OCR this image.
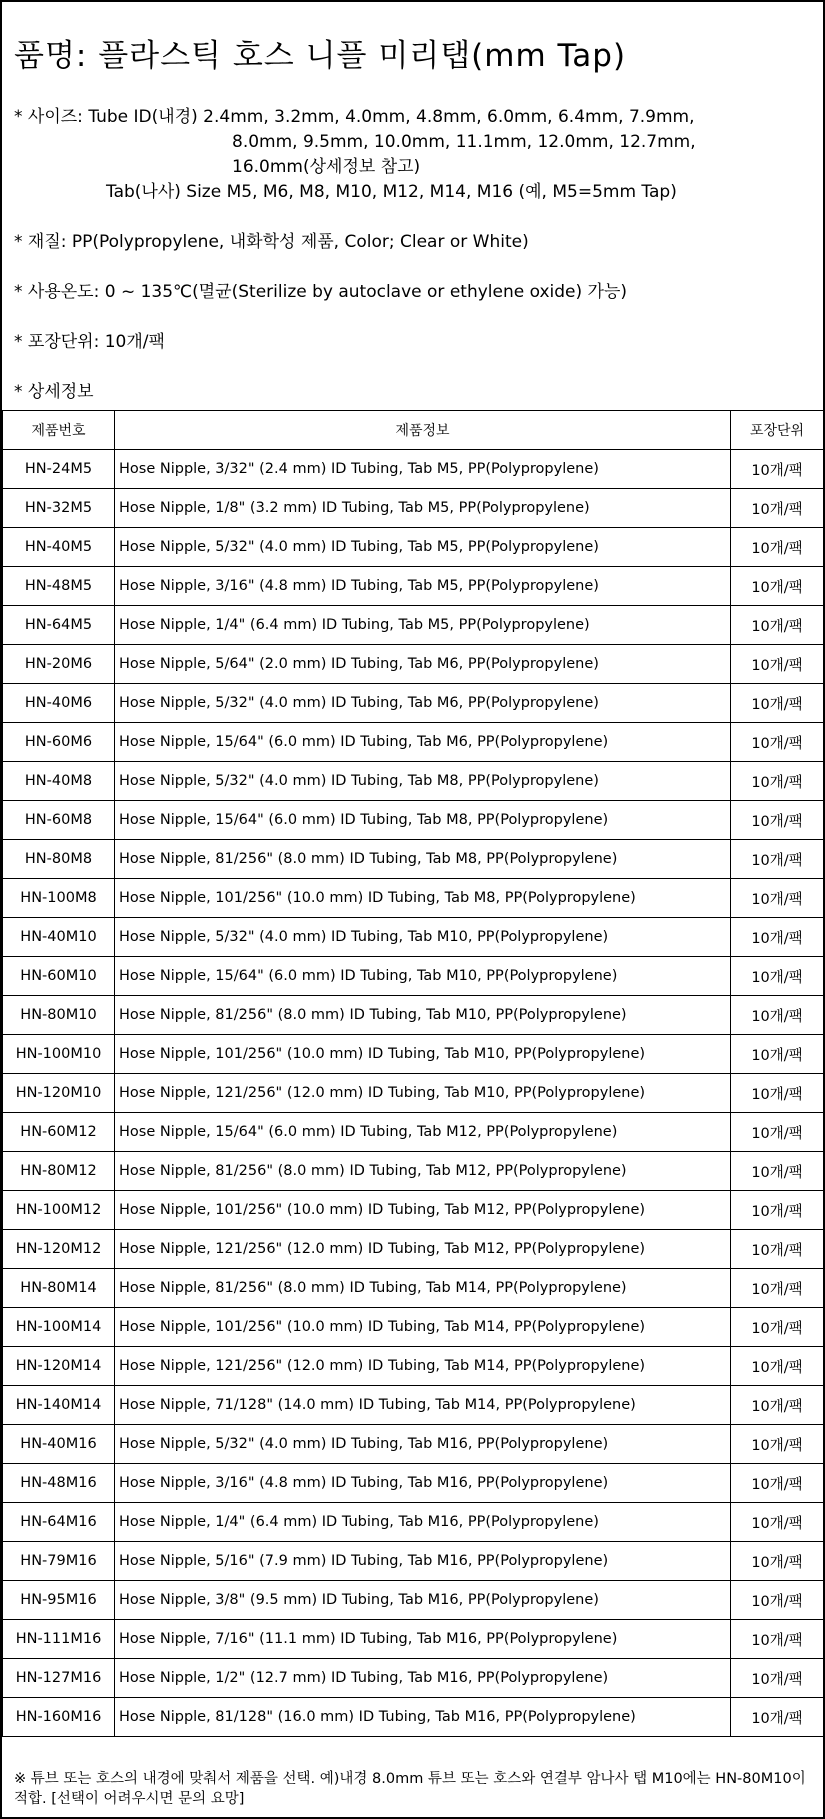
품명: 플라스틱 호스 니플 미리탭(mm Tap)
* 사이즈: Tube ID(내경) 2.4mm, 3.2mm, 4.0mm, 4.8mm, 6.0mm, 6.4mm, 7.9mm,
8.0mm, 9.5mm, 10.0mm, 11.1mm, 12.0mm, 12.7mm,
16.0mm(상세정보 참고)
Tab(나사) Size M5, M6, M8, M10, M12, M14, M16 (예, M5=5mm Tap)
* 재질: PP(Polypropylene, 내화학성 제품, Color; Clear or White)
* 사용온도: 0 ~ 135℃(멸균(Sterilize by autoclave or ethylene oxide) 가능)
* 포장단위: 10개/팩
* 상세정보
제품번호	제품정보	포장단위
HN-24M5	Hose Nipple, 3/32" (2.4 mm) ID Tubing, Tab M5, PP(Polypropylene)	10개/팩
HN-32M5	Hose Nipple, 1/8" (3.2 mm) ID Tubing, Tab M5, PP(Polypropylene)	10개/팩
HN-40M5	Hose Nipple, 5/32" (4.0 mm) ID Tubing, Tab M5, PP(Polypropylene)	10개/팩
HN-48M5	Hose Nipple, 3/16" (4.8 mm) ID Tubing, Tab M5, PP(Polypropylene)	10개/팩
HN-64M5	Hose Nipple, 1/4" (6.4 mm) ID Tubing, Tab M5, PP(Polypropylene)	10개/팩
HN-20M6	Hose Nipple, 5/64" (2.0 mm) ID Tubing, Tab M6, PP(Polypropylene)	10개/팩
HN-40M6	Hose Nipple, 5/32" (4.0 mm) ID Tubing, Tab M6, PP(Polypropylene)	10개/팩
HN-60M6	Hose Nipple, 15/64" (6.0 mm) ID Tubing, Tab M6, PP(Polypropylene)	10개/팩
HN-40M8	Hose Nipple, 5/32" (4.0 mm) ID Tubing, Tab M8, PP(Polypropylene)	10개/팩
HN-60M8	Hose Nipple, 15/64" (6.0 mm) ID Tubing, Tab M8, PP(Polypropylene)	10개/팩
HN-80M8	Hose Nipple, 81/256" (8.0 mm) ID Tubing, Tab M8, PP(Polypropylene)	10개/팩
HN-100M8	Hose Nipple, 101/256" (10.0 mm) ID Tubing, Tab M8, PP(Polypropylene)	10개/팩
HN-40M10	Hose Nipple, 5/32" (4.0 mm) ID Tubing, Tab M10, PP(Polypropylene)	10개/팩
HN-60M10	Hose Nipple, 15/64" (6.0 mm) ID Tubing, Tab M10, PP(Polypropylene)	10개/팩
HN-80M10	Hose Nipple, 81/256" (8.0 mm) ID Tubing, Tab M10, PP(Polypropylene)	10개/팩
HN-100M10	Hose Nipple, 101/256" (10.0 mm) ID Tubing, Tab M10, PP(Polypropylene)	10개/팩
HN-120M10	Hose Nipple, 121/256" (12.0 mm) ID Tubing, Tab M10, PP(Polypropylene)	10개/팩
HN-60M12	Hose Nipple, 15/64" (6.0 mm) ID Tubing, Tab M12, PP(Polypropylene)	10개/팩
HN-80M12	Hose Nipple, 81/256" (8.0 mm) ID Tubing, Tab M12, PP(Polypropylene)	10개/팩
HN-100M12	Hose Nipple, 101/256" (10.0 mm) ID Tubing, Tab M12, PP(Polypropylene)	10개/팩
HN-120M12	Hose Nipple, 121/256" (12.0 mm) ID Tubing, Tab M12, PP(Polypropylene)	10개/팩
HN-80M14	Hose Nipple, 81/256" (8.0 mm) ID Tubing, Tab M14, PP(Polypropylene)	10개/팩
HN-100M14	Hose Nipple, 101/256" (10.0 mm) ID Tubing, Tab M14, PP(Polypropylene)	10개/팩
HN-120M14	Hose Nipple, 121/256" (12.0 mm) ID Tubing, Tab M14, PP(Polypropylene)	10개/팩
HN-140M14	Hose Nipple, 71/128" (14.0 mm) ID Tubing, Tab M14, PP(Polypropylene)	10개/팩
HN-40M16	Hose Nipple, 5/32" (4.0 mm) ID Tubing, Tab M16, PP(Polypropylene)	10개/팩
HN-48M16	Hose Nipple, 3/16" (4.8 mm) ID Tubing, Tab M16, PP(Polypropylene)	10개/팩
HN-64M16	Hose Nipple, 1/4" (6.4 mm) ID Tubing, Tab M16, PP(Polypropylene)	10개/팩
HN-79M16	Hose Nipple, 5/16" (7.9 mm) ID Tubing, Tab M16, PP(Polypropylene)	10개/팩
HN-95M16	Hose Nipple, 3/8" (9.5 mm) ID Tubing, Tab M16, PP(Polypropylene)	10개/팩
HN-111M16	Hose Nipple, 7/16" (11.1 mm) ID Tubing, Tab M16, PP(Polypropylene)	10개/팩
HN-127M16	Hose Nipple, 1/2" (12.7 mm) ID Tubing, Tab M16, PP(Polypropylene)	10개/팩
HN-160M16	Hose Nipple, 81/128" (16.0 mm) ID Tubing, Tab M16, PP(Polypropylene)	10개/팩
※ 튜브 또는 호스의 내경에 맞춰서 제품을 선택. 예)내경 8.0mm 튜브 또는 호스와 연결부 암나사 탭 M10에는 HN-80M10이 적합. [선택이 어려우시면 문의 요망]
